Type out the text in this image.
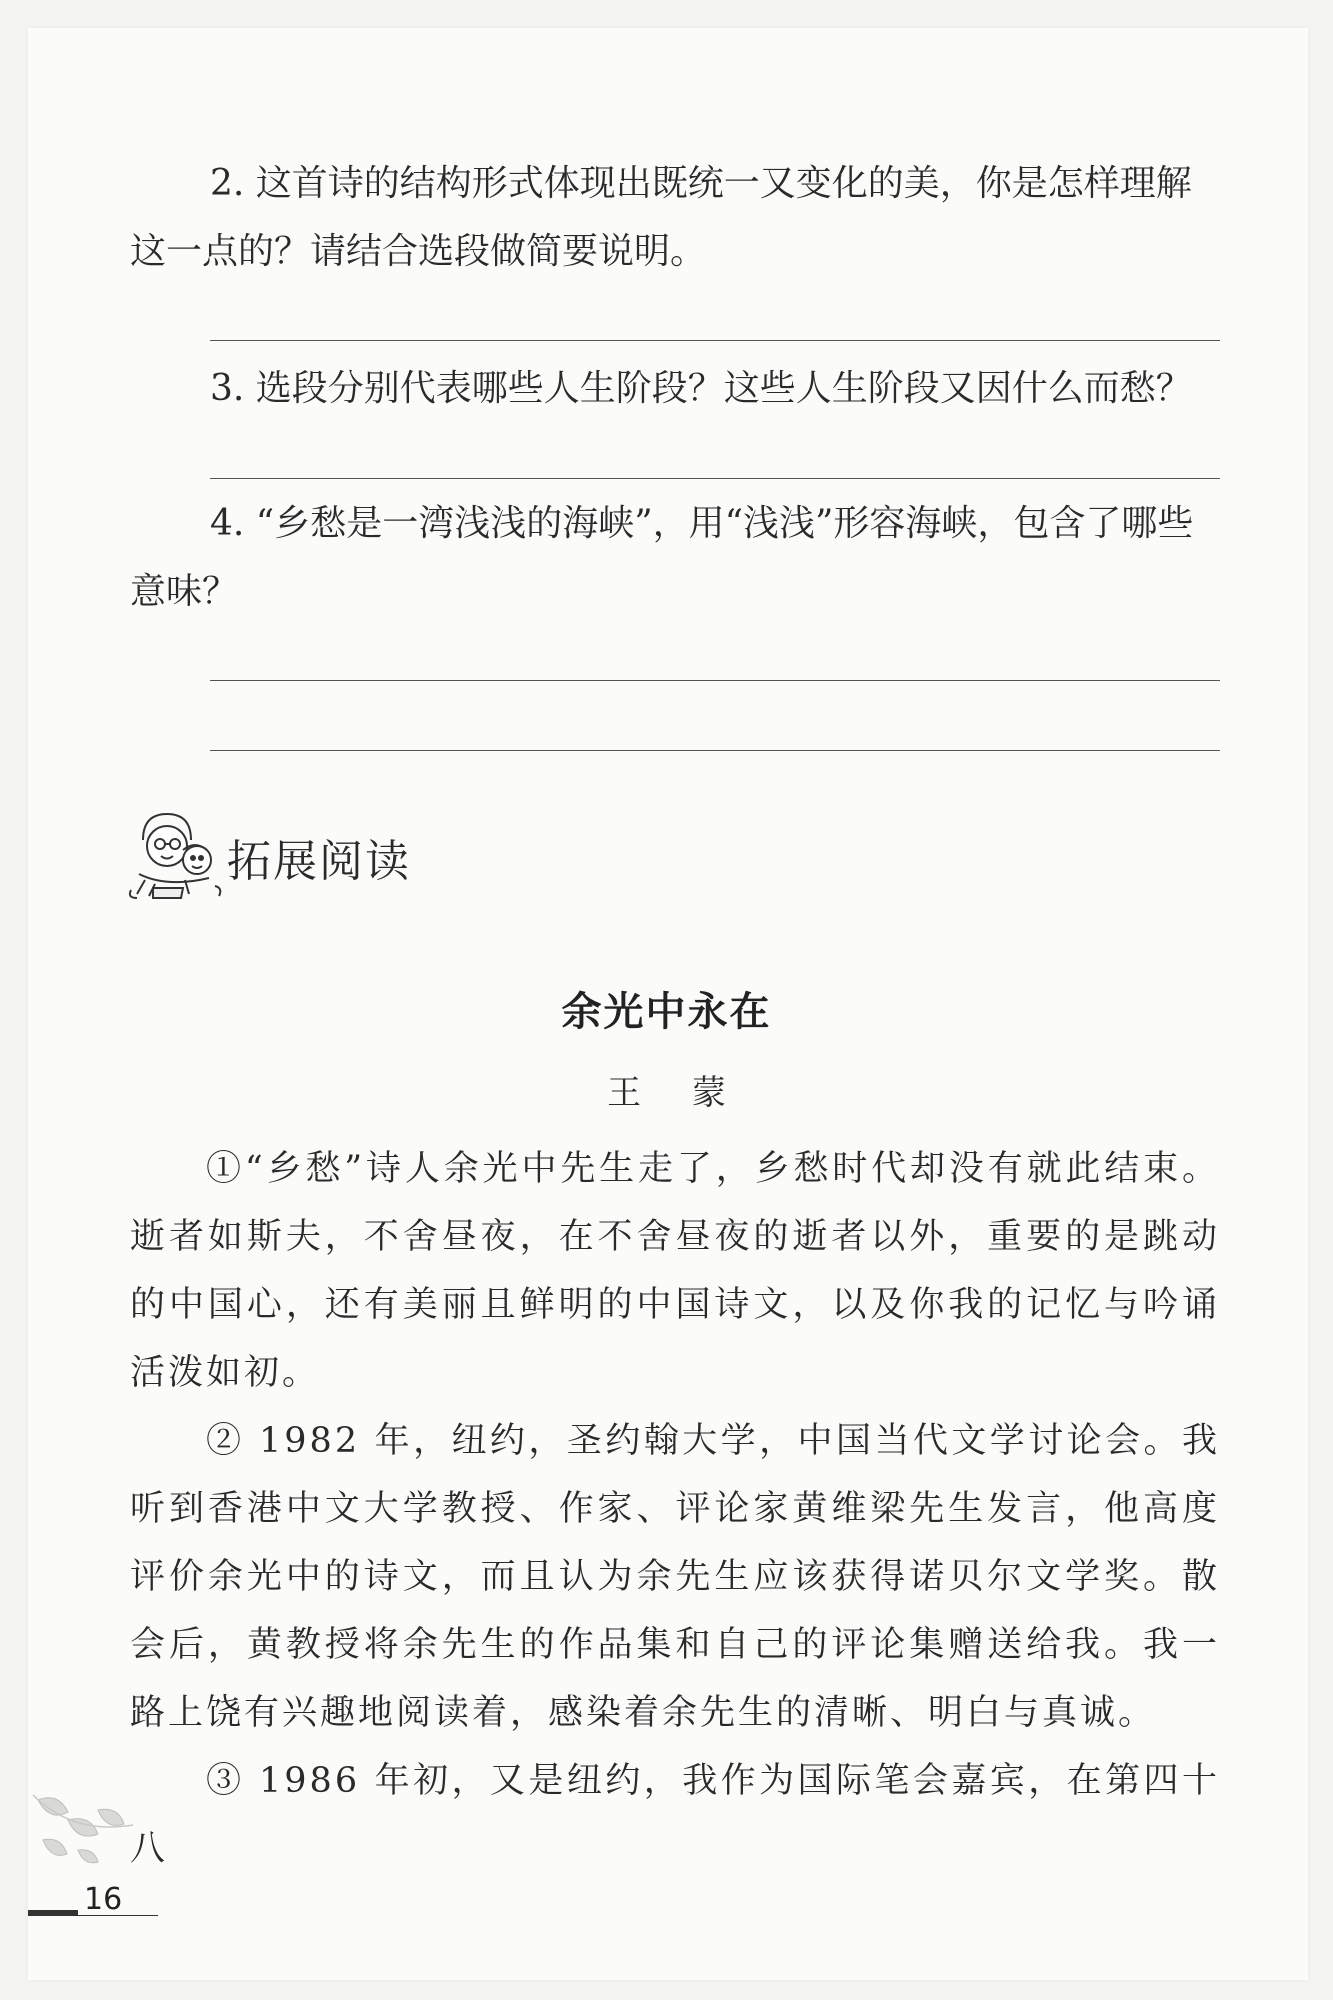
2. 这首诗的结构形式体现出既统一又变化的美，你是怎样理解这一点的？请结合选段做简要说明。

3. 选段分别代表哪些人生阶段？这些人生阶段又因什么而愁？

4. “乡愁是一湾浅浅的海峡”，用“浅浅”形容海峡，包含了哪些意味？

拓展阅读
余光中永在
王 蒙

①“乡愁”诗人余光中先生走了，乡愁时代却没有就此结束。逝者如斯夫，不舍昼夜，在不舍昼夜的逝者以外，重要的是跳动的中国心，还有美丽且鲜明的中国诗文，以及你我的记忆与吟诵活泼如初。

② 1982 年，纽约，圣约翰大学，中国当代文学讨论会。我听到香港中文大学教授、作家、评论家黄维梁先生发言，他高度评价余光中的诗文，而且认为余先生应该获得诺贝尔文学奖。散会后，黄教授将余先生的作品集和自己的评论集赠送给我。我一路上饶有兴趣地阅读着，感染着余先生的清晰、明白与真诚。

③ 1986 年初，又是纽约，我作为国际笔会嘉宾，在第四十八

16
